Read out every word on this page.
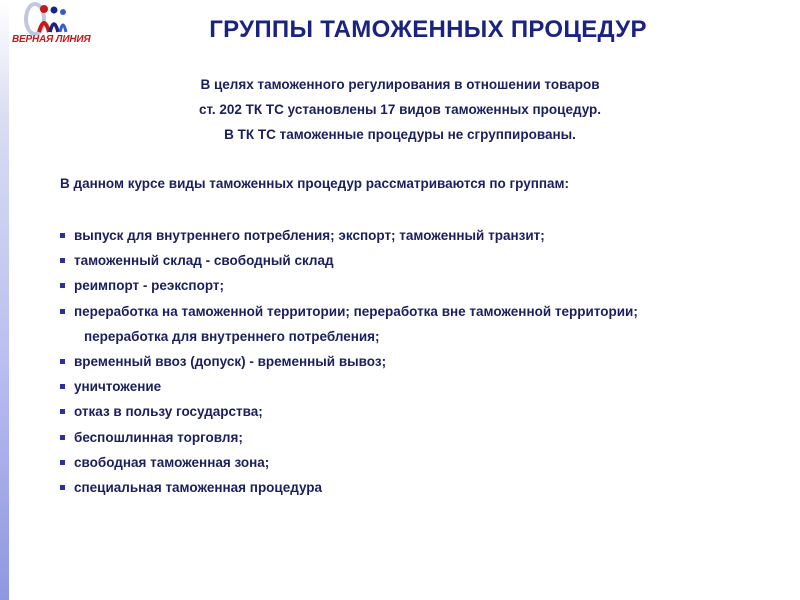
ВЕРНАЯ ЛИНИЯ	ГРУППЫ ТАМОЖЕННЫХ ПРОЦЕДУР
В целях таможенного регулирования в отношении товаров
ст. 202 ТК ТС установлены 17 видов таможенных процедур.
В ТК ТС таможенные процедуры не сгруппированы.
В данном курсе виды таможенных процедур рассматриваются по группам:
выпуск для внутреннего потребления; экспорт; таможенный транзит;
таможенный склад - свободный склад
реимпорт - реэкспорт;
переработка на таможенной территории; переработка вне таможенной территории;
переработка для внутреннего потребления;
временный ввоз (допуск) - временный вывоз;
уничтожение
отказ в пользу государства;
беспошлинная торговля;
свободная таможенная зона;
специальная таможенная процедура
